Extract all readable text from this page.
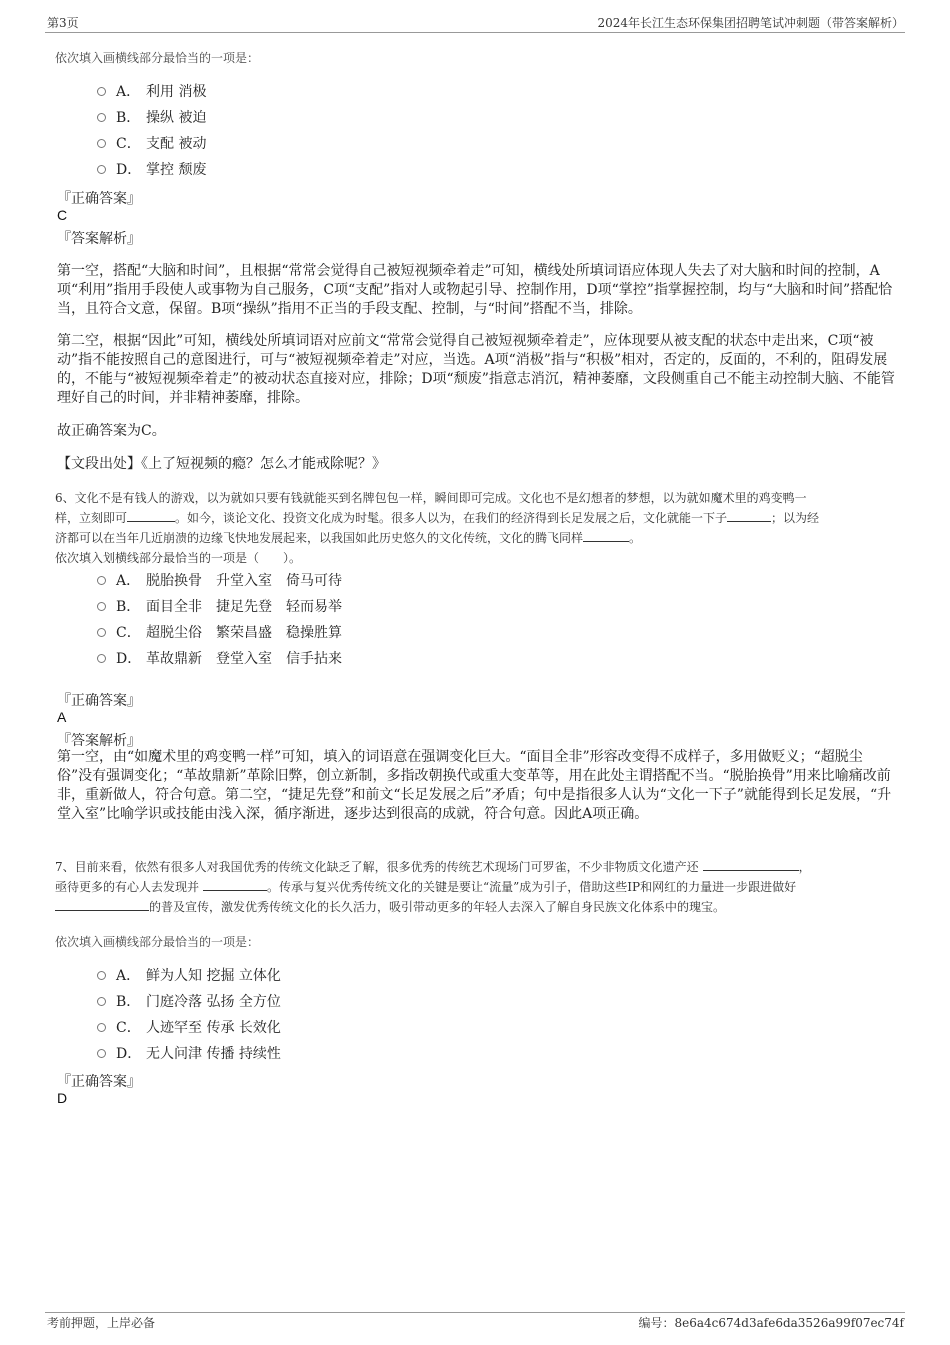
第3页	2024年长江生态环保集团招聘笔试冲刺题（带答案解析）
依次填入画横线部分最恰当的一项是：
A． 利用 消极
B． 操纵 被迫
C． 支配 被动
D． 掌控 颓废
『正确答案』
C
『答案解析』
第一空，搭配“大脑和时间”，且根据“常常会觉得自己被短视频牵着走”可知，横线处所填词语应体现人失去了对大脑和时间的控制，A项“利用”指用手段使人或事物为自己服务，C项“支配”指对人或物起引导、控制作用，D项“掌控”指掌握控制，均与“大脑和时间”搭配恰当，且符合文意，保留。B项“操纵”指用不正当的手段支配、控制，与“时间”搭配不当，排除。
第二空，根据“因此”可知，横线处所填词语对应前文“常常会觉得自己被短视频牵着走”，应体现要从被支配的状态中走出来，C项“被动”指不能按照自己的意图进行，可与“被短视频牵着走”对应，当选。A项“消极”指与“积极”相对，否定的，反面的，不利的，阻碍发展的，不能与“被短视频牵着走”的被动状态直接对应，排除；D项“颓废”指意志消沉，精神萎靡，文段侧重自己不能主动控制大脑、不能管理好自己的时间，并非精神萎靡，排除。
故正确答案为C。
【文段出处】《上了短视频的瘾？怎么才能戒除呢？》
6、文化不是有钱人的游戏，以为就如只要有钱就能买到名牌包包一样，瞬间即可完成。文化也不是幻想者的梦想，以为就如魔术里的鸡变鸭一
样，立刻即可	。如今，谈论文化、投资文化成为时髦。很多人以为，在我们的经济得到长足发展之后，文化就能一下子	；以为经
济都可以在当年几近崩溃的边缘飞快地发展起来，以我国如此历史悠久的文化传统，文化的腾飞同样	。
依次填入划横线部分最恰当的一项是（　　）。
A． 脱胎换骨　升堂入室　倚马可待
B． 面目全非　捷足先登　轻而易举
C． 超脱尘俗　繁荣昌盛　稳操胜算
D． 革故鼎新　登堂入室　信手拈来
『正确答案』
A
『答案解析』
第一空，由“如魔术里的鸡变鸭一样”可知，填入的词语意在强调变化巨大。“面目全非”形容改变得不成样子，多用做贬义；“超脱尘俗”没有强调变化；“革故鼎新”革除旧弊，创立新制，多指改朝换代或重大变革等，用在此处主谓搭配不当。“脱胎换骨”用来比喻痛改前非，重新做人，符合句意。第二空，“捷足先登”和前文“长足发展之后”矛盾；句中是指很多人认为“文化一下子”就能得到长足发展，“升堂入室”比喻学识或技能由浅入深，循序渐进，逐步达到很高的成就，符合句意。因此A项正确。
7、目前来看，依然有很多人对我国优秀的传统文化缺乏了解，很多优秀的传统艺术现场门可罗雀，不少非物质文化遗产还	，
亟待更多的有心人去发现并	。传承与复兴优秀传统文化的关键是要让“流量”成为引子，借助这些IP和网红的力量进一步跟进做好
的普及宣传，激发优秀传统文化的长久活力，吸引带动更多的年轻人去深入了解自身民族文化体系中的瑰宝。
依次填入画横线部分最恰当的一项是：
A． 鲜为人知 挖掘 立体化
B． 门庭冷落 弘扬 全方位
C． 人迹罕至 传承 长效化
D． 无人问津 传播 持续性
『正确答案』
D
考前押题，上岸必备	编号：8e6a4c674d3afe6da3526a99f07ec74f
